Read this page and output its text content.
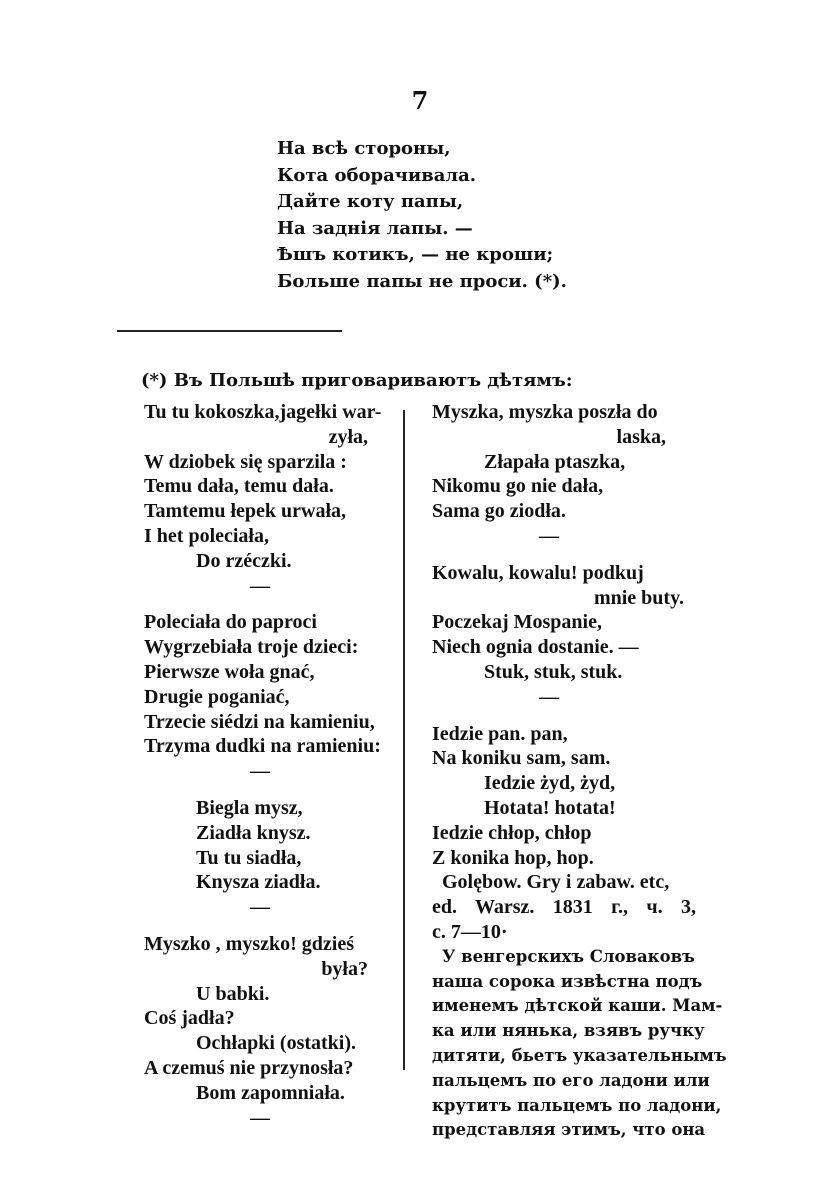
7
На всѣ стороны,
Кота оборачивала.
Дайте коту папы,
На заднія лапы. —
Ѣшъ котикъ, — не кроши;
Больше папы не проси. (*).
(*) Въ Польшѣ приговариваютъ дѣтямъ:
Tu tu kokoszka,jagełki war-
zyła,
W dziobek się sparzila :
Temu dała, temu dała.
Tamtemu łepek urwała,
I het poleciała,
Do rzéczki.
—
Poleciała do paproci
Wygrzebiała troje dzieci:
Pierwsze woła gnać,
Drugie poganiać,
Trzecie siédzi na kamieniu,
Trzyma dudki na ramieniu:
—
Biegla mysz,
Ziadła knysz.
Tu tu siadła,
Knysza ziadła.
—
Myszko , myszko! gdzieś
była?
U babki.
Coś jadła?
Ochłapki (ostatki).
A czemuś nie przynosła?
Bom zapomniała.
—
Myszka, myszka poszła do
laska,
Złapała ptaszka,
Nikomu go nie dała,
Sama go ziodła.
—
Kowalu, kowalu! podkuj
mnie buty.
Poczekaj Mospanie,
Niech ognia dostanie. —
Stuk, stuk, stuk.
—
Iedzie pan. pan,
Na koniku sam, sam.
Iedzie żyd, żyd,
Hotata! hotata!
Iedzie chłop, chłop
Z konika hop, hop.
Golębow. Gry i zabaw. etc,
ed. Warsz. 1831 г., ч. 3,
с. 7—10·
У венгерскихъ Словаковъ
наша сорока извѣстна подъ
именемъ дѣтской каши. Мам-
ка или нянька, взявъ ручку
дитяти, бьетъ указательнымъ
пальцемъ по его ладони или
крутитъ пальцемъ по ладони,
представляя этимъ, что она
